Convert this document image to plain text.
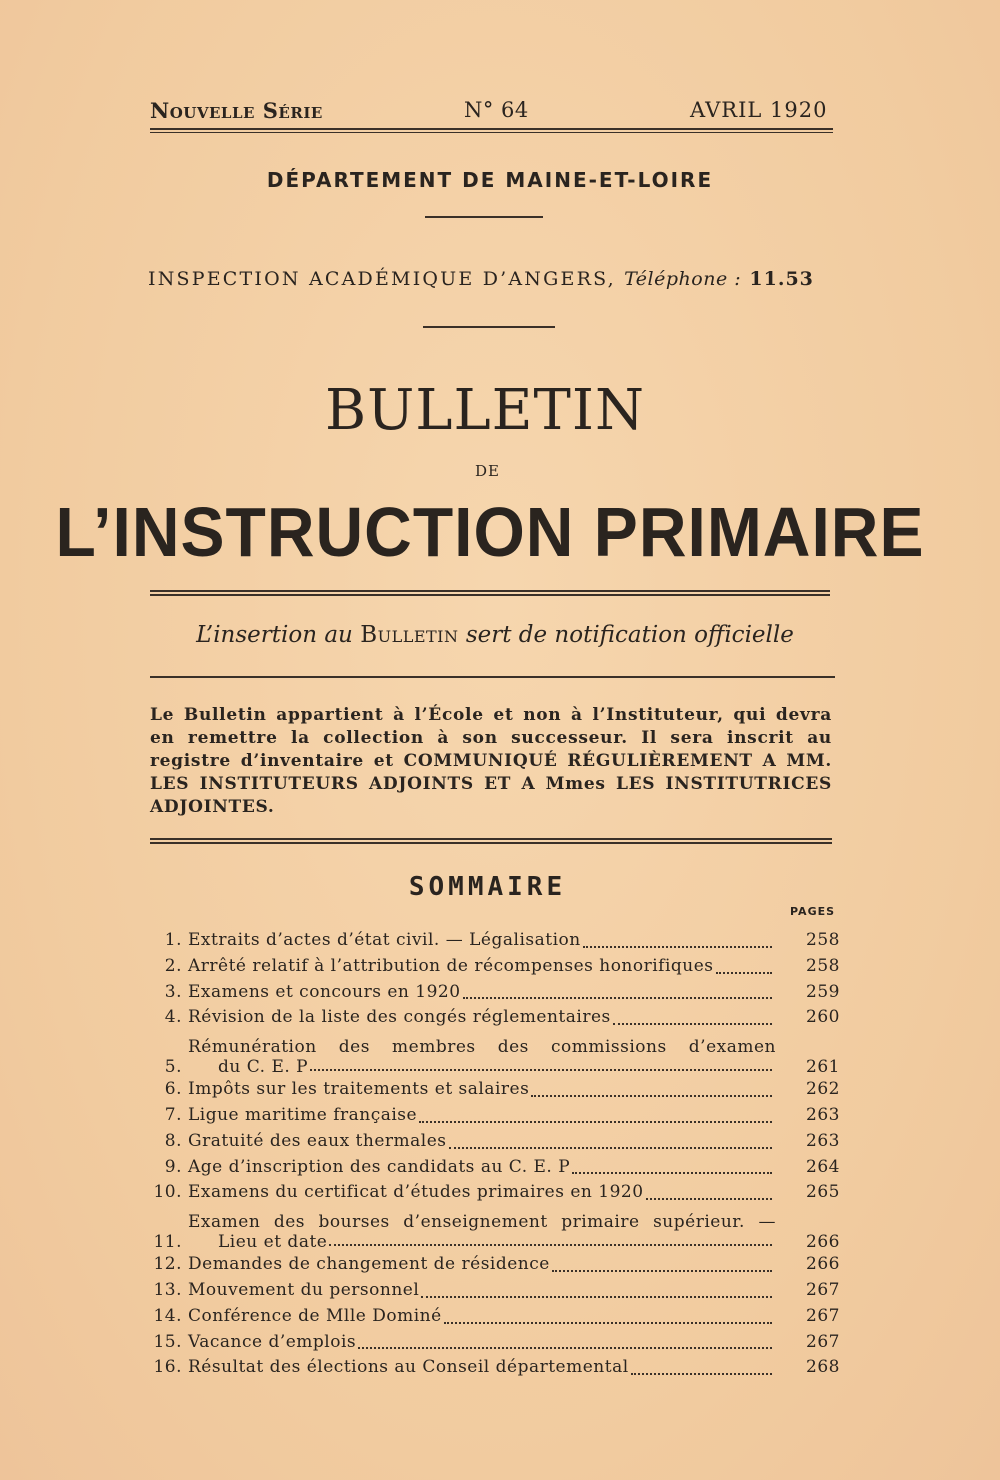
Nouvelle Série	N° 64	AVRIL 1920
DÉPARTEMENT DE MAINE-ET-LOIRE
INSPECTION ACADÉMIQUE D’ANGERS, Téléphone : 11.53
BULLETIN
DE
L’INSTRUCTION PRIMAIRE
L’insertion au Bulletin sert de notification officielle
Le Bulletin appartient à l’École et non à l’Instituteur, qui devra en remettre la collection à son successeur. Il sera inscrit au registre d’inventaire et COMMUNIQUÉ RÉGULIÈREMENT A MM. LES INSTITUTEURS ADJOINTS ET A Mmes LES INSTITUTRICES ADJOINTES.
SOMMAIRE
PAGES
1. Extraits d’actes d’état civil. — Légalisation	258
2. Arrêté relatif à l’attribution de récompenses honorifiques	258
3. Examens et concours en 1920	259
4. Révision de la liste des congés réglementaires	260
5.
Rémunération des membres des commissions d’examen
du C. E. P	261
6. Impôts sur les traitements et salaires	262
7. Ligue maritime française	263
8. Gratuité des eaux thermales	263
9. Age d’inscription des candidats au C. E. P	264
10. Examens du certificat d’études primaires en 1920	265
11.
Examen des bourses d’enseignement primaire supérieur. —
Lieu et date	266
12. Demandes de changement de résidence	266
13. Mouvement du personnel	267
14. Conférence de Mlle Dominé	267
15. Vacance d’emplois	267
16. Résultat des élections au Conseil départemental	268
